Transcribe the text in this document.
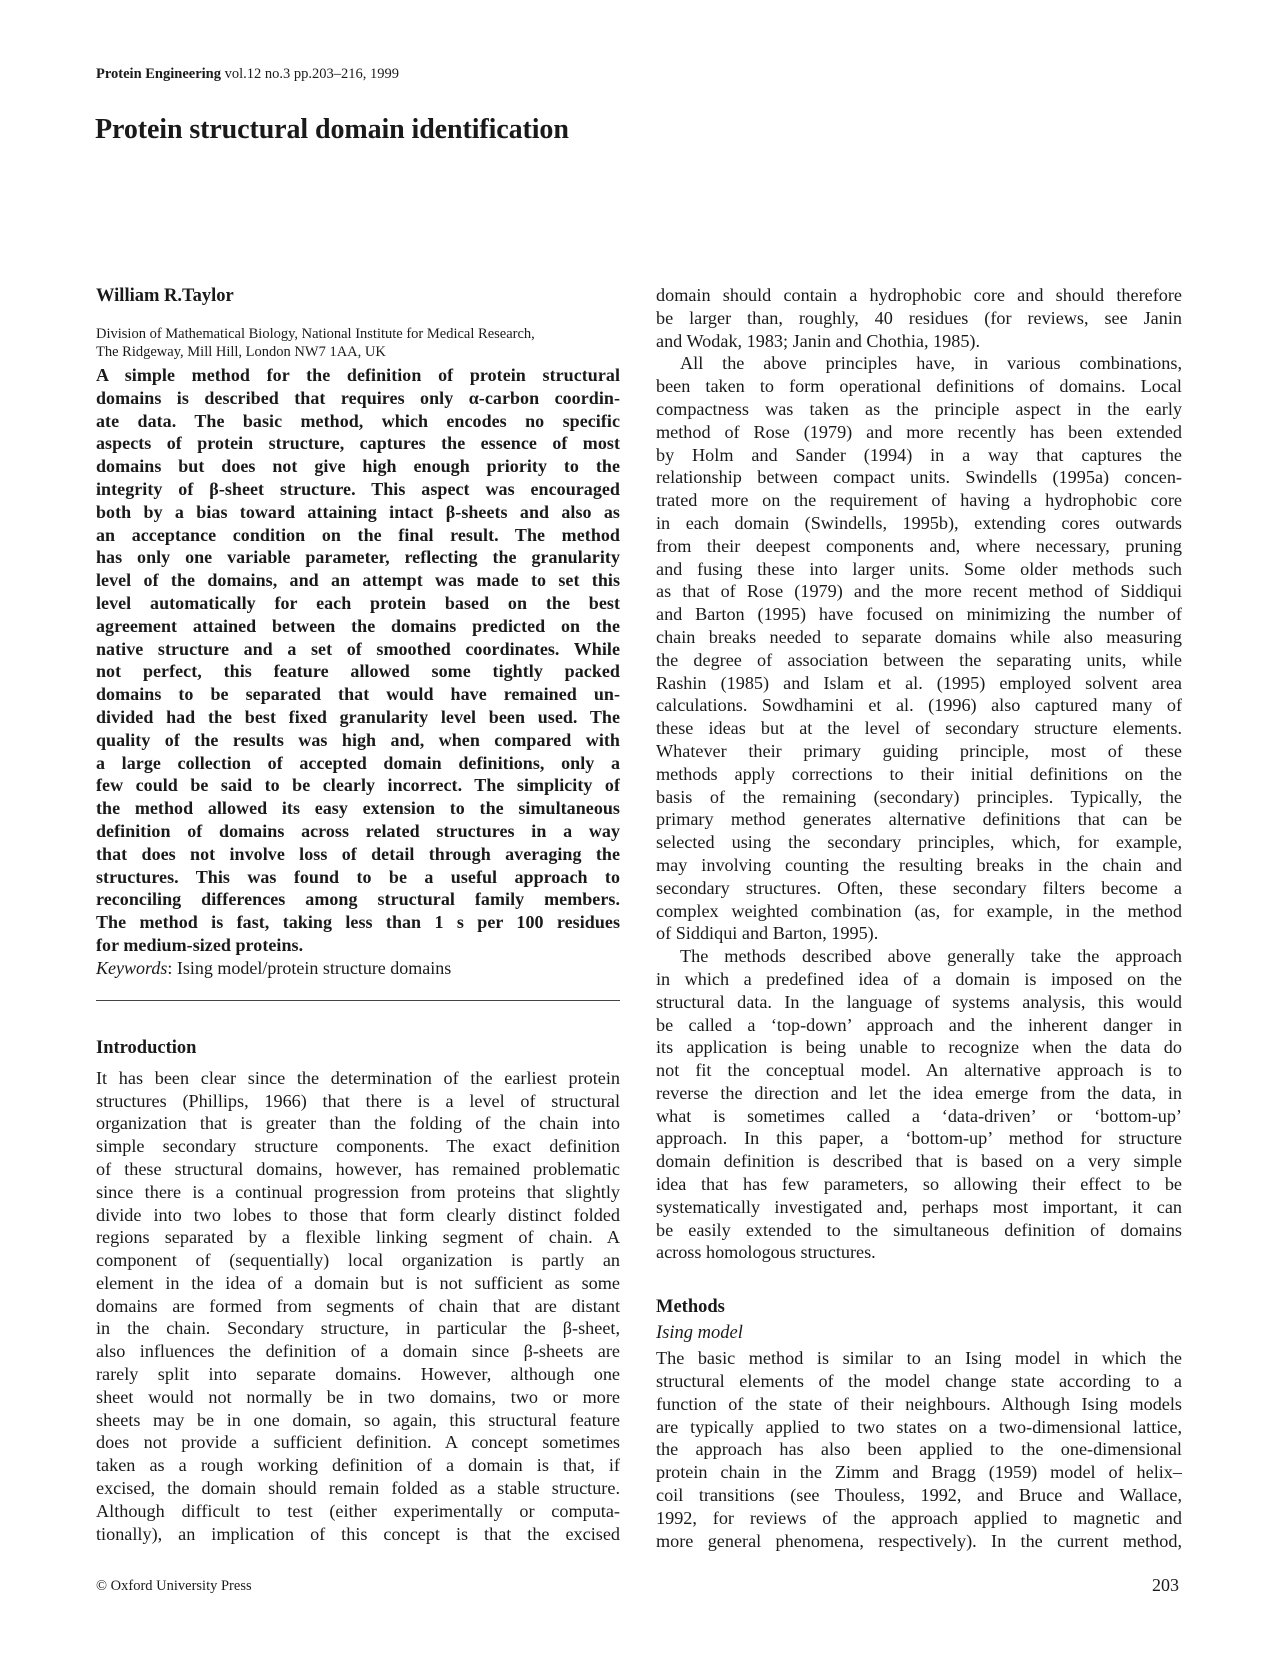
Protein Engineering vol.12 no.3 pp.203–216, 1999
Protein structural domain identification
William R.Taylor
Division of Mathematical Biology, National Institute for Medical Research,
The Ridgeway, Mill Hill, London NW7 1AA, UK
A simple method for the definition of protein structural
domains is described that requires only α-carbon coordin-
ate data. The basic method, which encodes no specific
aspects of protein structure, captures the essence of most
domains but does not give high enough priority to the
integrity of β-sheet structure. This aspect was encouraged
both by a bias toward attaining intact β-sheets and also as
an acceptance condition on the final result. The method
has only one variable parameter, reflecting the granularity
level of the domains, and an attempt was made to set this
level automatically for each protein based on the best
agreement attained between the domains predicted on the
native structure and a set of smoothed coordinates. While
not perfect, this feature allowed some tightly packed
domains to be separated that would have remained un-
divided had the best fixed granularity level been used. The
quality of the results was high and, when compared with
a large collection of accepted domain definitions, only a
few could be said to be clearly incorrect. The simplicity of
the method allowed its easy extension to the simultaneous
definition of domains across related structures in a way
that does not involve loss of detail through averaging the
structures. This was found to be a useful approach to
reconciling differences among structural family members.
The method is fast, taking less than 1 s per 100 residues
for medium-sized proteins.
Keywords: Ising model/protein structure domains
Introduction
It has been clear since the determination of the earliest protein
structures (Phillips, 1966) that there is a level of structural
organization that is greater than the folding of the chain into
simple secondary structure components. The exact definition
of these structural domains, however, has remained problematic
since there is a continual progression from proteins that slightly
divide into two lobes to those that form clearly distinct folded
regions separated by a flexible linking segment of chain. A
component of (sequentially) local organization is partly an
element in the idea of a domain but is not sufficient as some
domains are formed from segments of chain that are distant
in the chain. Secondary structure, in particular the β-sheet,
also influences the definition of a domain since β-sheets are
rarely split into separate domains. However, although one
sheet would not normally be in two domains, two or more
sheets may be in one domain, so again, this structural feature
does not provide a sufficient definition. A concept sometimes
taken as a rough working definition of a domain is that, if
excised, the domain should remain folded as a stable structure.
Although difficult to test (either experimentally or computa-
tionally), an implication of this concept is that the excised
domain should contain a hydrophobic core and should therefore
be larger than, roughly, 40 residues (for reviews, see Janin
and Wodak, 1983; Janin and Chothia, 1985).
All the above principles have, in various combinations,
been taken to form operational definitions of domains. Local
compactness was taken as the principle aspect in the early
method of Rose (1979) and more recently has been extended
by Holm and Sander (1994) in a way that captures the
relationship between compact units. Swindells (1995a) concen-
trated more on the requirement of having a hydrophobic core
in each domain (Swindells, 1995b), extending cores outwards
from their deepest components and, where necessary, pruning
and fusing these into larger units. Some older methods such
as that of Rose (1979) and the more recent method of Siddiqui
and Barton (1995) have focused on minimizing the number of
chain breaks needed to separate domains while also measuring
the degree of association between the separating units, while
Rashin (1985) and Islam et al. (1995) employed solvent area
calculations. Sowdhamini et al. (1996) also captured many of
these ideas but at the level of secondary structure elements.
Whatever their primary guiding principle, most of these
methods apply corrections to their initial definitions on the
basis of the remaining (secondary) principles. Typically, the
primary method generates alternative definitions that can be
selected using the secondary principles, which, for example,
may involving counting the resulting breaks in the chain and
secondary structures. Often, these secondary filters become a
complex weighted combination (as, for example, in the method
of Siddiqui and Barton, 1995).
The methods described above generally take the approach
in which a predefined idea of a domain is imposed on the
structural data. In the language of systems analysis, this would
be called a ‘top-down’ approach and the inherent danger in
its application is being unable to recognize when the data do
not fit the conceptual model. An alternative approach is to
reverse the direction and let the idea emerge from the data, in
what is sometimes called a ‘data-driven’ or ‘bottom-up’
approach. In this paper, a ‘bottom-up’ method for structure
domain definition is described that is based on a very simple
idea that has few parameters, so allowing their effect to be
systematically investigated and, perhaps most important, it can
be easily extended to the simultaneous definition of domains
across homologous structures.
Methods
Ising model
The basic method is similar to an Ising model in which the
structural elements of the model change state according to a
function of the state of their neighbours. Although Ising models
are typically applied to two states on a two-dimensional lattice,
the approach has also been applied to the one-dimensional
protein chain in the Zimm and Bragg (1959) model of helix–
coil transitions (see Thouless, 1992, and Bruce and Wallace,
1992, for reviews of the approach applied to magnetic and
more general phenomena, respectively). In the current method,
© Oxford University Press	203
